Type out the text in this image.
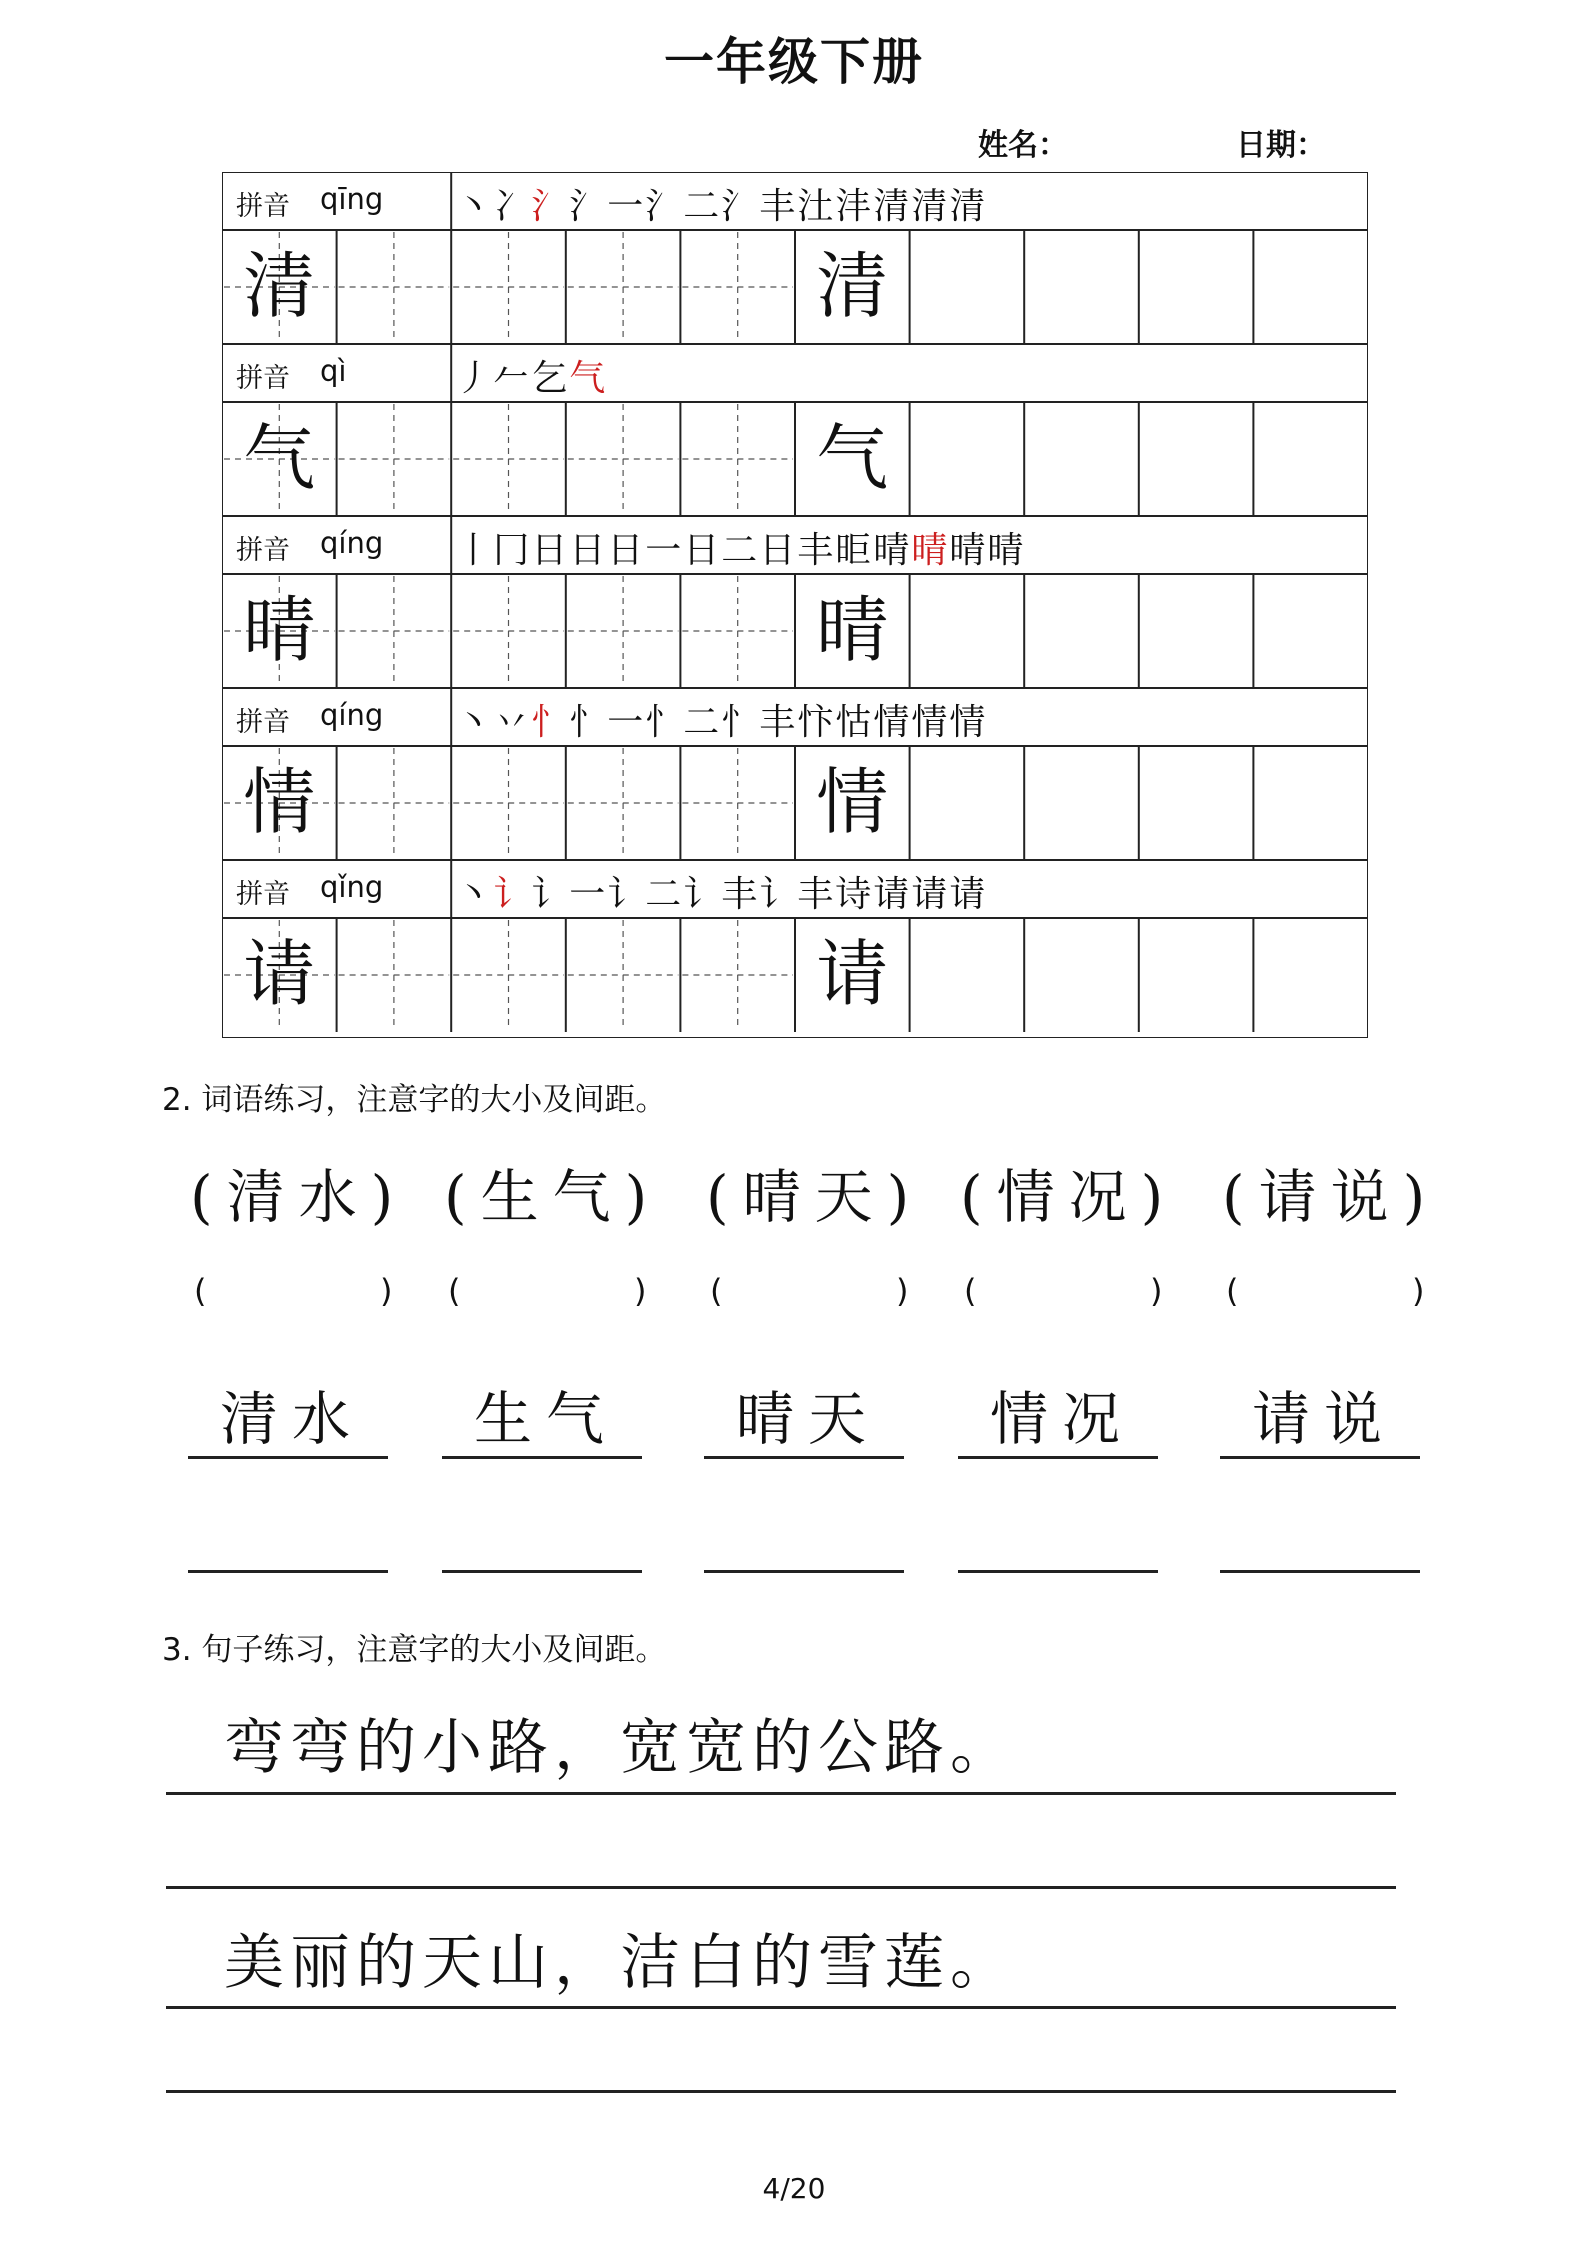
一年级下册
姓名：	日期：
拼音 qīng 丶冫氵氵一氵二氵丰汢沣清清清
清	清
拼音 qì	丿𠂉乞气
气	气
拼音 qíng 丨冂日日日一日二日丰昛晴晴晴晴
晴	晴
拼音 qíng 丶丷忄忄一忄二忄丰忭怙情情情
情	情
拼音 qǐng 丶讠讠一讠二讠丰讠丰诗请请请
请	请
2. 词语练习，注意字的大小及间距。
(清水) (生气) (晴天) (情况) (请说)
(	) (	) (	) (	) (	)
清水 生气 晴天 情况 请说
3. 句子练习，注意字的大小及间距。
弯弯的小路，宽宽的公路。
美丽的天山，洁白的雪莲。
4/20
